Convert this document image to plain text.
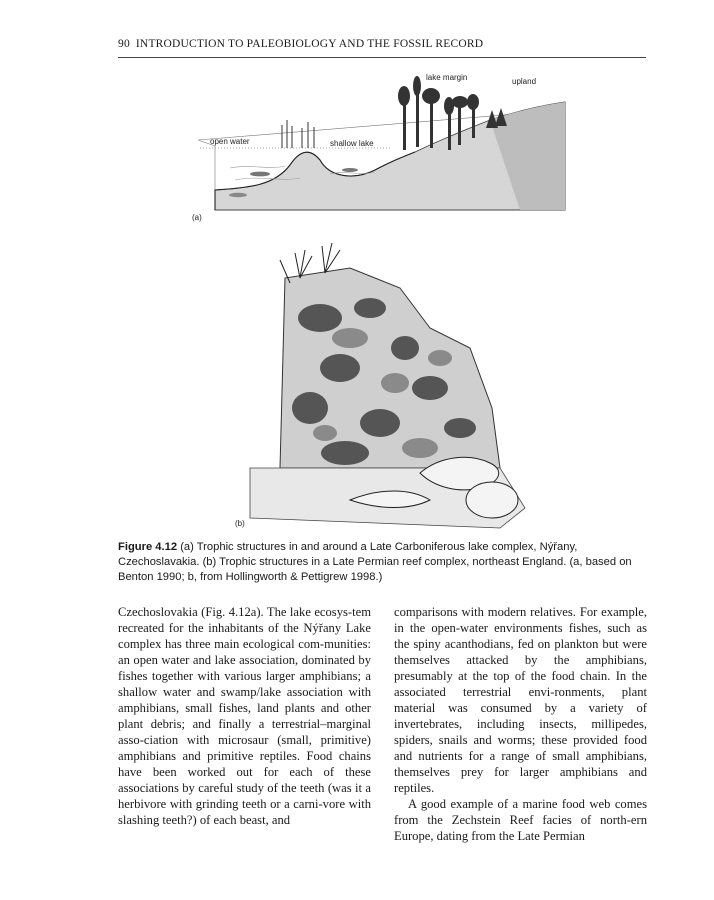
90 INTRODUCTION TO PALEOBIOLOGY AND THE FOSSIL RECORD
open water	shallow lake
lake margin	upland
(a)
(b)
Figure 4.12 (a) Trophic structures in and around a Late Carboniferous lake complex, Nýřany, Czechoslavakia. (b) Trophic structures in a Late Permian reef complex, northeast England. (a, based on Benton 1990; b, from Hollingworth & Pettigrew 1998.)

Czechoslovakia (Fig. 4.12a). The lake ecosys-tem recreated for the inhabitants of the Nýřany Lake complex has three main ecological com-munities: an open water and lake association, dominated by fishes together with various larger amphibians; a shallow water and swamp/lake association with amphibians, small fishes, land plants and other plant debris; and finally a terrestrial–marginal asso-ciation with microsaur (small, primitive) amphibians and primitive reptiles. Food chains have been worked out for each of these associations by careful study of the teeth (was it a herbivore with grinding teeth or a carni-vore with slashing teeth?) of each beast, and

comparisons with modern relatives. For example, in the open-water environments fishes, such as the spiny acanthodians, fed on plankton but were themselves attacked by the amphibians, presumably at the top of the food chain. In the associated terrestrial envi-ronments, plant material was consumed by a variety of invertebrates, including insects, millipedes, spiders, snails and worms; these provided food and nutrients for a range of small amphibians, themselves prey for larger amphibians and reptiles.

A good example of a marine food web comes from the Zechstein Reef facies of north-ern Europe, dating from the Late Permian
